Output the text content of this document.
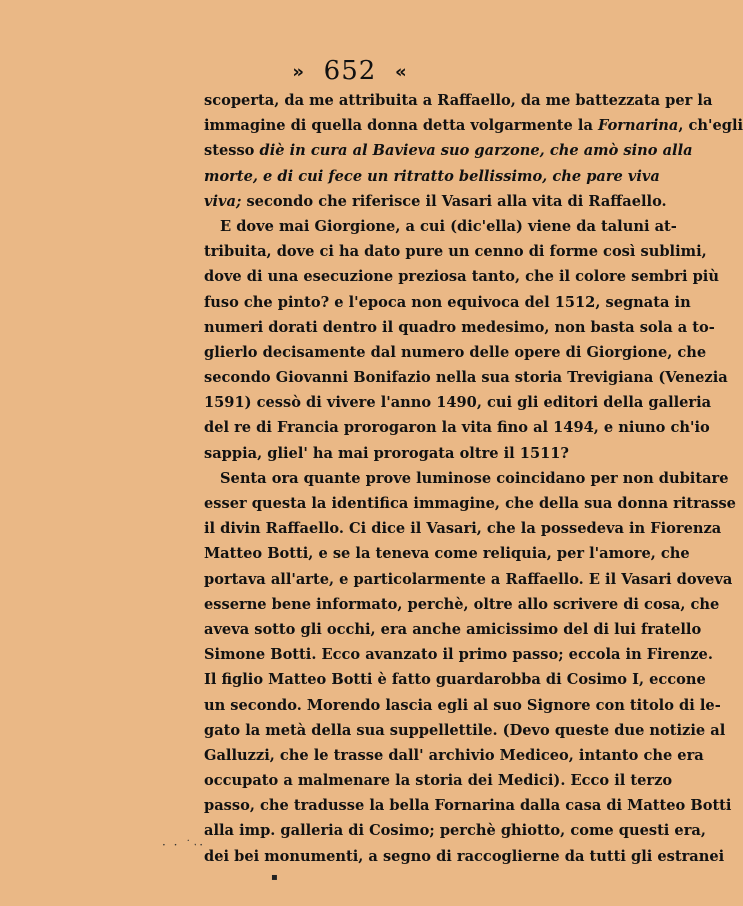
» 652 «
scoperta, da me attribuita a Raffaello, da me battezzata per la
immagine di quella donna detta volgarmente la Fornarina, ch'egli
stesso diè in cura al Bavieva suo garzone, che amò sino alla
morte, e di cui fece un ritratto bellissimo, che pare viva
viva; secondo che riferisce il Vasari alla vita di Raffaello.
E dove mai Giorgione, a cui (dic'ella) viene da taluni at-
tribuita, dove ci ha dato pure un cenno di forme così sublimi,
dove di una esecuzione preziosa tanto, che il colore sembri più
fuso che pinto? e l'epoca non equivoca del 1512, segnata in
numeri dorati dentro il quadro medesimo, non basta sola a to-
glierlo decisamente dal numero delle opere di Giorgione, che
secondo Giovanni Bonifazio nella sua storia Trevigiana (Venezia
1591) cessò di vivere l'anno 1490, cui gli editori della galleria
del re di Francia prorogaron la vita fino al 1494, e niuno ch'io
sappia, gliel' ha mai prorogata oltre il 1511?
Senta ora quante prove luminose coincidano per non dubitare
esser questa la identifica immagine, che della sua donna ritrasse
il divin Raffaello. Ci dice il Vasari, che la possedeva in Fiorenza
Matteo Botti, e se la teneva come reliquia, per l'amore, che
portava all'arte, e particolarmente a Raffaello. E il Vasari doveva
esserne bene informato, perchè, oltre allo scrivere di cosa, che
aveva sotto gli occhi, era anche amicissimo del di lui fratello
Simone Botti. Ecco avanzato il primo passo; eccola in Firenze.
Il figlio Matteo Botti è fatto guardarobba di Cosimo I, eccone
un secondo. Morendo lascia egli al suo Signore con titolo di le-
gato la metà della sua suppellettile. (Devo queste due notizie al
Galluzzi, che le trasse dall' archivio Mediceo, intanto che era
occupato a malmenare la storia dei Medici). Ecco il terzo
passo, che tradusse la bella Fornarina dalla casa di Matteo Botti
alla imp. galleria di Cosimo; perchè ghiotto, come questi era,
dei bei monumenti, a segno di raccoglierne da tutti gli estranei
· · ˙ˑ·
▪
